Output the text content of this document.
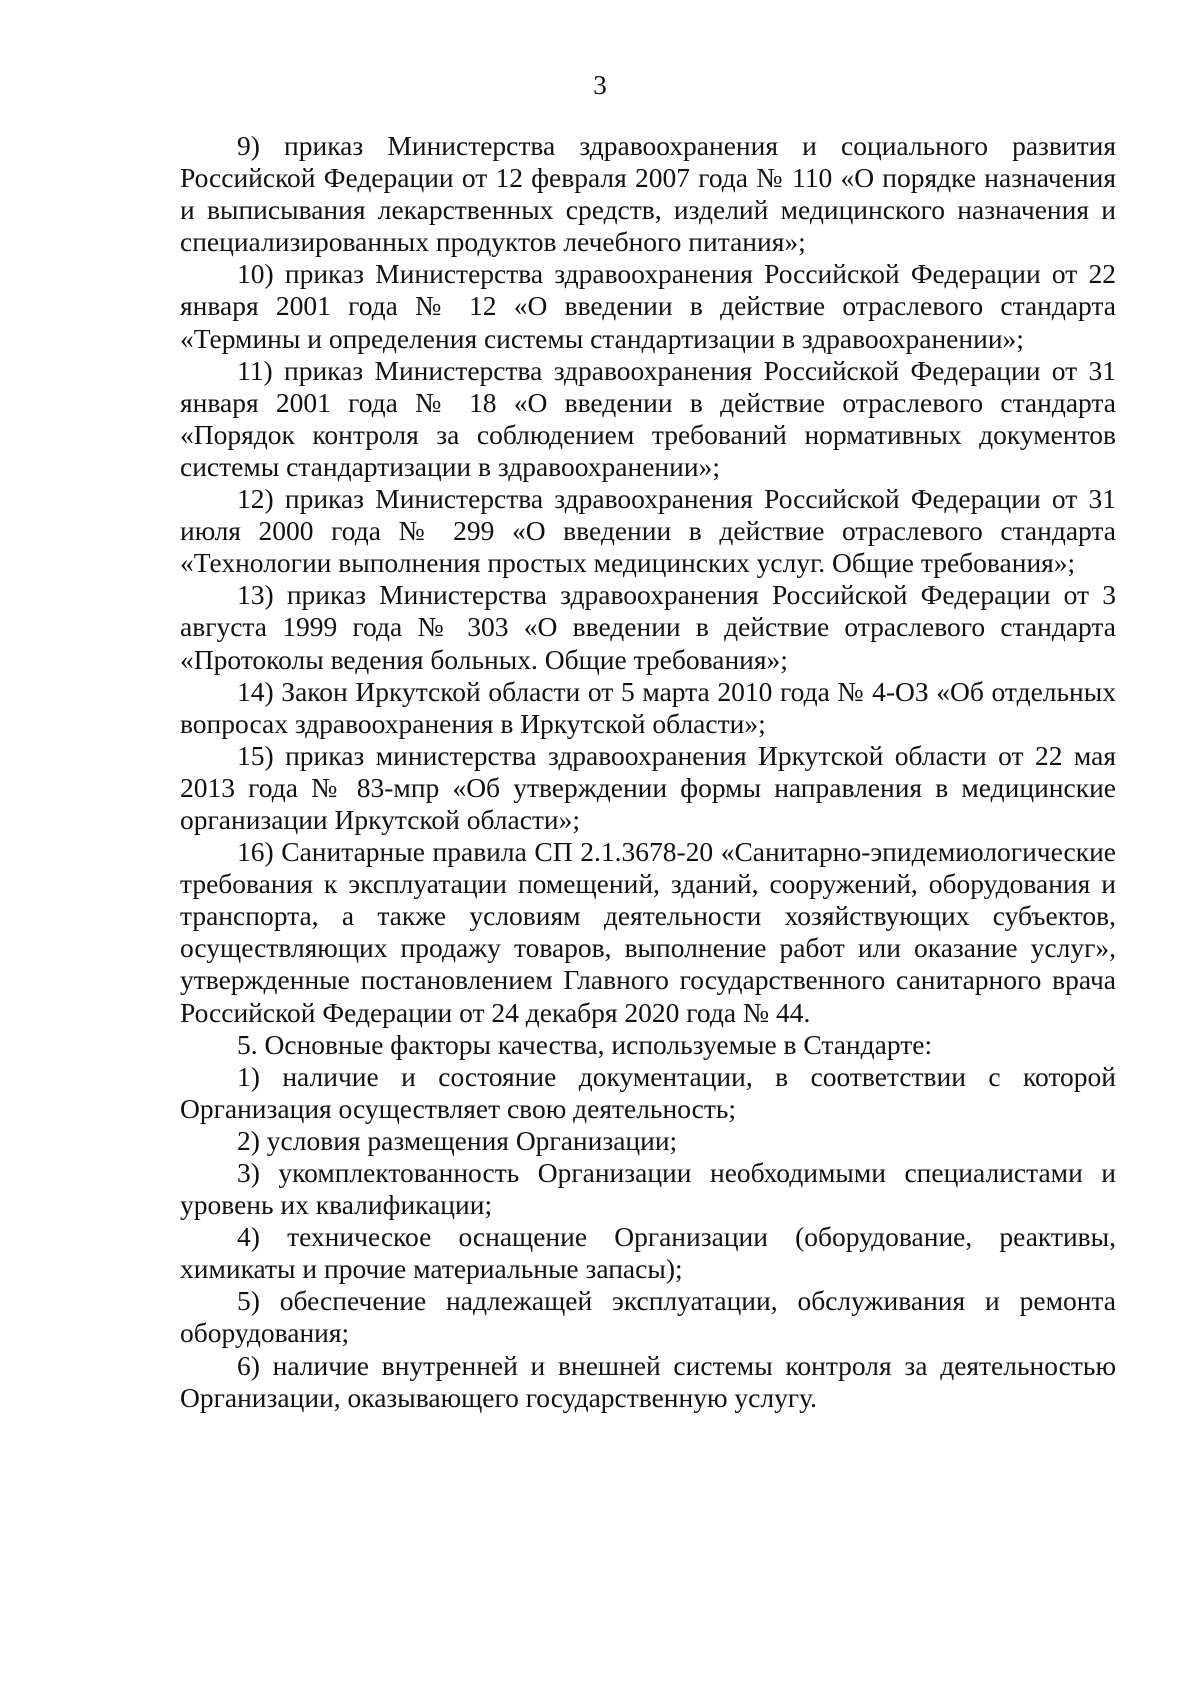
3

9) приказ Министерства здравоохранения и социального развития Российской Федерации от 12 февраля 2007 года № 110 «О порядке назначения и выписывания лекарственных средств, изделий медицинского назначения и специализированных продуктов лечебного питания»;

10) приказ Министерства здравоохранения Российской Федерации от 22 января 2001 года № 12 «О введении в действие отраслевого стандарта «Термины и определения системы стандартизации в здравоохранении»;

11) приказ Министерства здравоохранения Российской Федерации от 31 января 2001 года № 18 «О введении в действие отраслевого стандарта «Порядок контроля за соблюдением требований нормативных документов системы стандартизации в здравоохранении»;

12) приказ Министерства здравоохранения Российской Федерации от 31 июля 2000 года № 299 «О введении в действие отраслевого стандарта «Технологии выполнения простых медицинских услуг. Общие требования»;

13) приказ Министерства здравоохранения Российской Федерации от 3 августа 1999 года № 303 «О введении в действие отраслевого стандарта «Протоколы ведения больных. Общие требования»;

14) Закон Иркутской области от 5 марта 2010 года № 4-ОЗ «Об отдельных вопросах здравоохранения в Иркутской области»;

15) приказ министерства здравоохранения Иркутской области от 22 мая 2013 года № 83-мпр «Об утверждении формы направления в медицинские организации Иркутской области»;

16) Санитарные правила СП 2.1.3678-20 «Санитарно-эпидемиологические требования к эксплуатации помещений, зданий, сооружений, оборудования и транспорта, а также условиям деятельности хозяйствующих субъектов, осуществляющих продажу товаров, выполнение работ или оказание услуг», утвержденные постановлением Главного государственного санитарного врача Российской Федерации от 24 декабря 2020 года № 44.

5. Основные факторы качества, используемые в Стандарте:

1) наличие и состояние документации, в соответствии с которой Организация осуществляет свою деятельность;

2) условия размещения Организации;

3) укомплектованность Организации необходимыми специалистами и уровень их квалификации;

4) техническое оснащение Организации (оборудование, реактивы, химикаты и прочие материальные запасы);

5) обеспечение надлежащей эксплуатации, обслуживания и ремонта оборудования;

6) наличие внутренней и внешней системы контроля за деятельностью Организации, оказывающего государственную услугу.
